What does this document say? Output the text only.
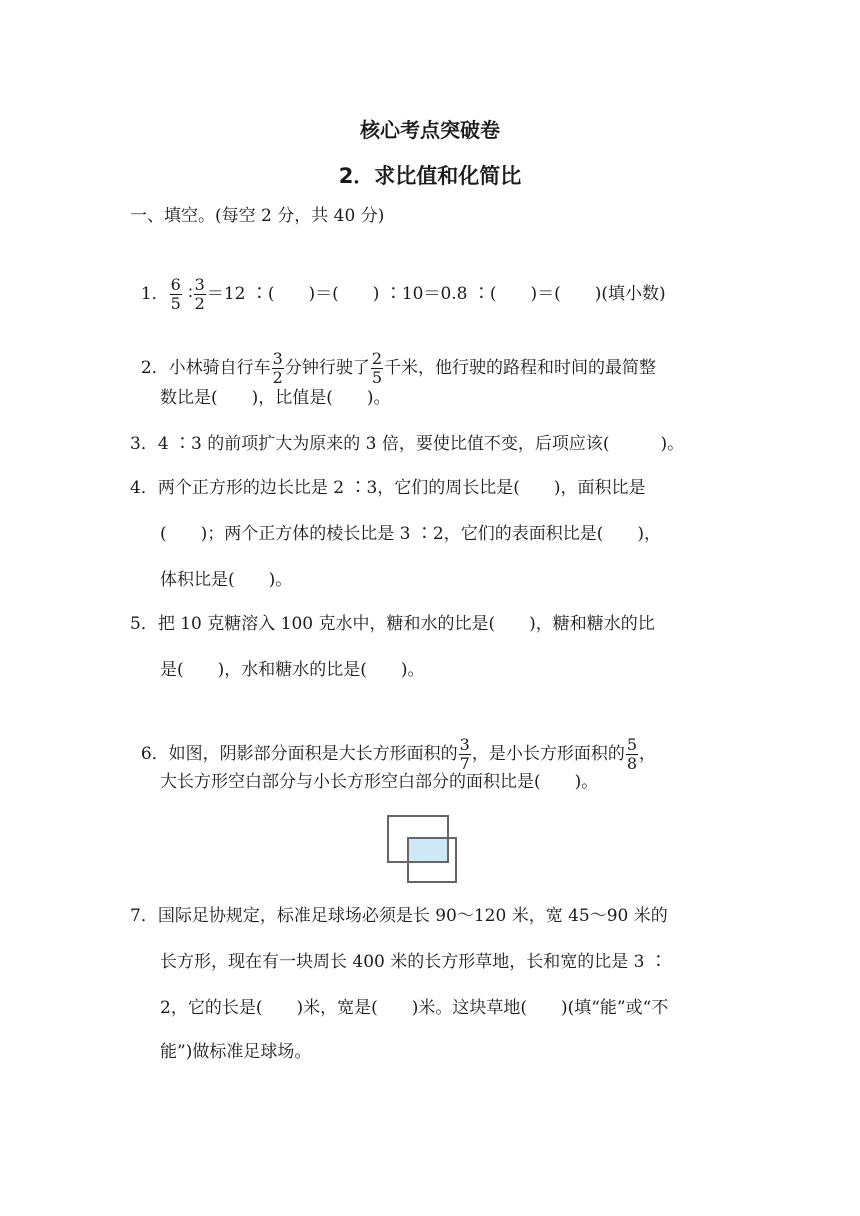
核心考点突破卷
2．求比值和化简比
一、填空。(每空 2 分，共 40 分)

1． $\frac{6}{5}$ ∶ $\frac{3}{2} =12$ ∶(　　)＝(　　) ∶10＝0.8 ∶(　　)＝(　　)(填小数)

2．小林骑自行车 $\frac{3}{2}$ 分钟行驶了 $\frac{2}{5}$ 千米，他行驶的路程和时间的最简整

数比是(　　)，比值是(　　)。
3．4 ∶3 的前项扩大为原来的 3 倍，要使比值不变，后项应该(　　　)。
4．两个正方形的边长比是 2 ∶3，它们的周长比是(　　)，面积比是
(　　)；两个正方体的棱长比是 3 ∶2，它们的表面积比是(　　)，
体积比是(　　)。
5．把 10 克糖溶入 100 克水中，糖和水的比是(　　)，糖和糖水的比
是(　　)，水和糖水的比是(　　)。

6．如图，阴影部分面积是大长方形面积的 $\frac{3}{7}$ ，是小长方形面积的 $\frac{5}{8}$ ，

大长方形空白部分与小长方形空白部分的面积比是(　　)。
7．国际足协规定，标准足球场必须是长 90～120 米，宽 45～90 米的
长方形，现在有一块周长 400 米的长方形草地，长和宽的比是 3 ∶
2，它的长是(　　)米，宽是(　　)米。这块草地(　　)(填“能”或“不
能”)做标准足球场。
